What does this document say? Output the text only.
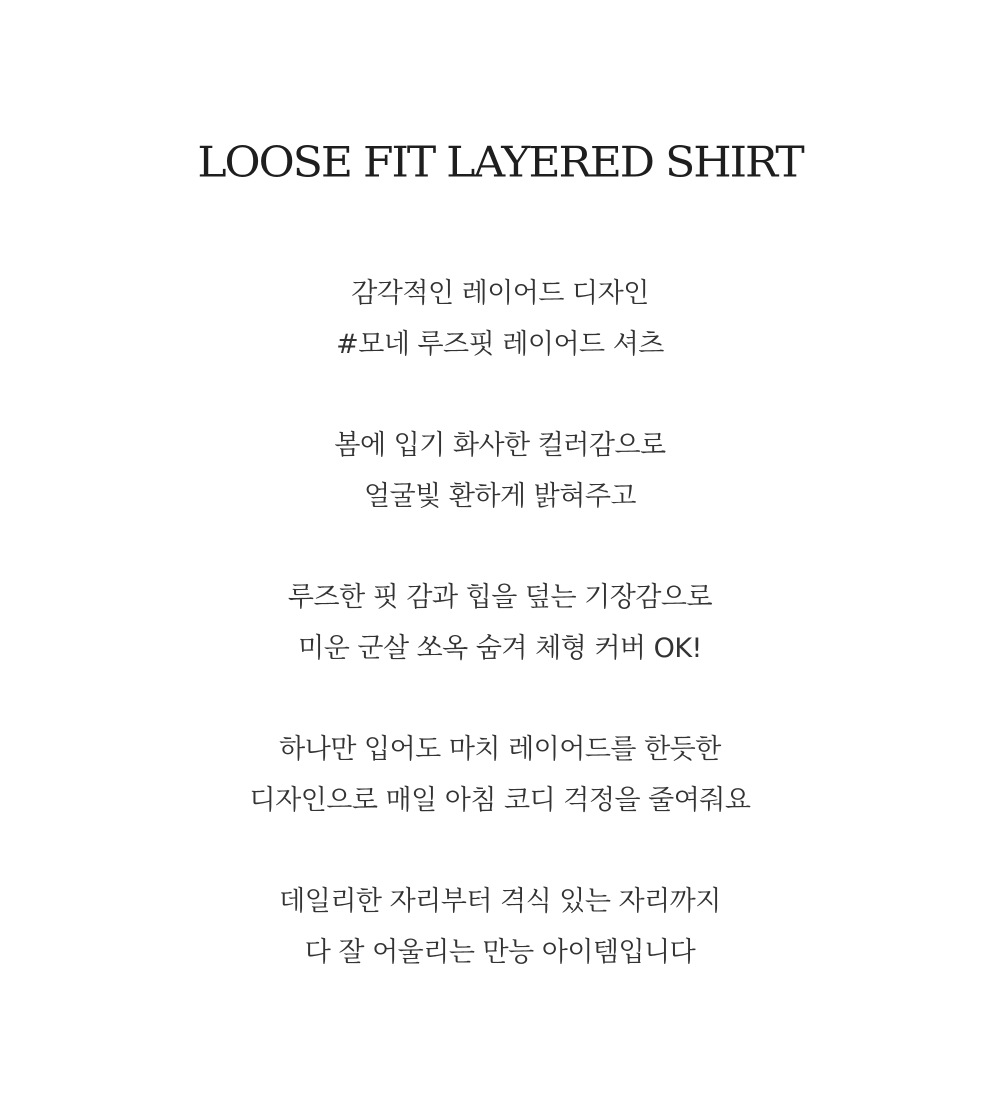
LOOSE FIT LAYERED SHIRT
감각적인 레이어드 디자인
#모네 루즈핏 레이어드 셔츠
봄에 입기 화사한 컬러감으로
얼굴빛 환하게 밝혀주고
루즈한 핏 감과 힙을 덮는 기장감으로
미운 군살 쏘옥 숨겨 체형 커버 OK!
하나만 입어도 마치 레이어드를 한듯한
디자인으로 매일 아침 코디 걱정을 줄여줘요
데일리한 자리부터 격식 있는 자리까지
다 잘 어울리는 만능 아이템입니다
